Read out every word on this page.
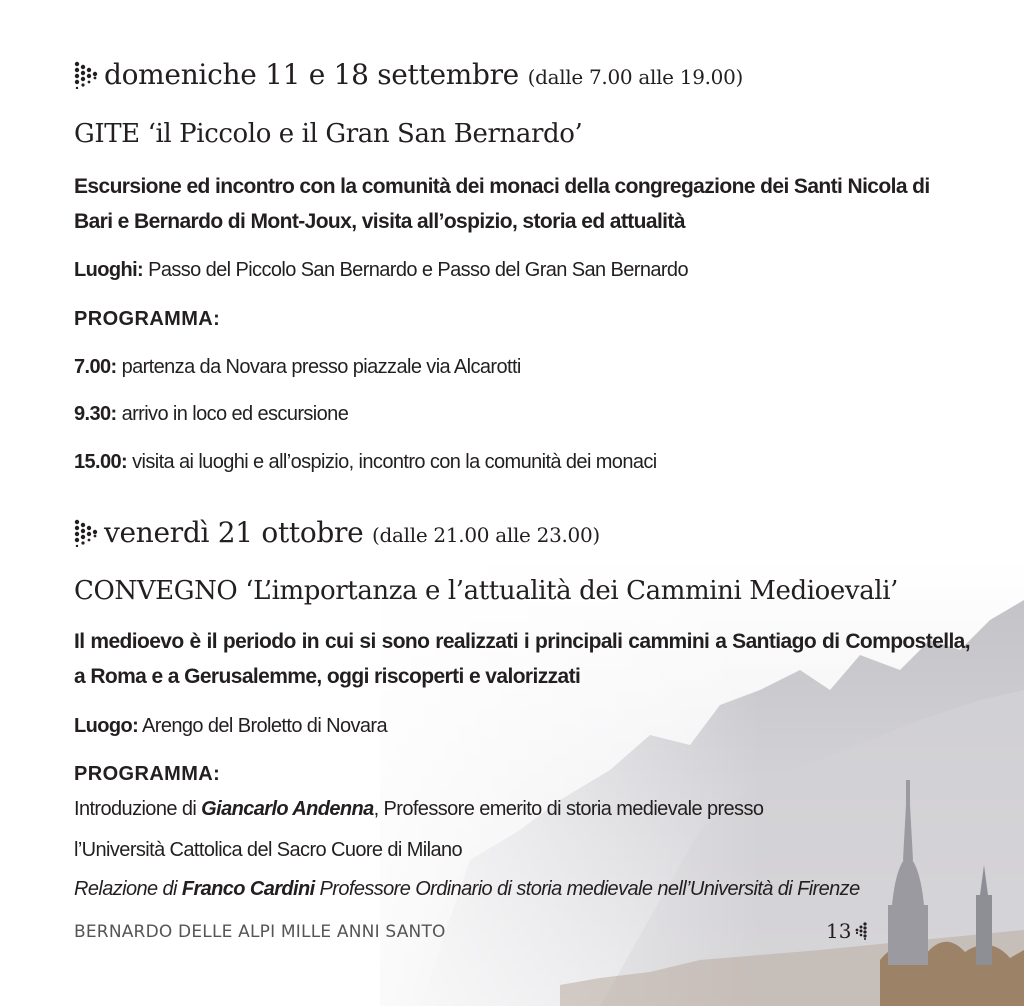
domeniche 11 e 18 settembre (dalle 7.00 alle 19.00)
GITE ‘il Piccolo e il Gran San Bernardo’

Escursione ed incontro con la comunità dei monaci della congregazione dei Santi Nicola di Bari e Bernardo di Mont-Joux, visita all’ospizio, storia ed attualità

Luoghi: Passo del Piccolo San Bernardo e Passo del Gran San Bernardo
PROGRAMMA:
7.00: partenza da Novara presso piazzale via Alcarotti
9.30: arrivo in loco ed escursione
15.00: visita ai luoghi e all’ospizio, incontro con la comunità dei monaci
venerdì 21 ottobre (dalle 21.00 alle 23.00)
CONVEGNO ‘L’importanza e l’attualità dei Cammini Medioevali’

Il medioevo è il periodo in cui si sono realizzati i principali cammini a Santiago di Compostella, a Roma e a Gerusalemme, oggi riscoperti e valorizzati

Luogo: Arengo del Broletto di Novara
PROGRAMMA:
Introduzione di Giancarlo Andenna, Professore emerito di storia medievale presso
l’Università Cattolica del Sacro Cuore di Milano
Relazione di Franco Cardini Professore Ordinario di storia medievale nell’Università di Firenze
BERNARDO DELLE ALPI MILLE ANNI SANTO	13
